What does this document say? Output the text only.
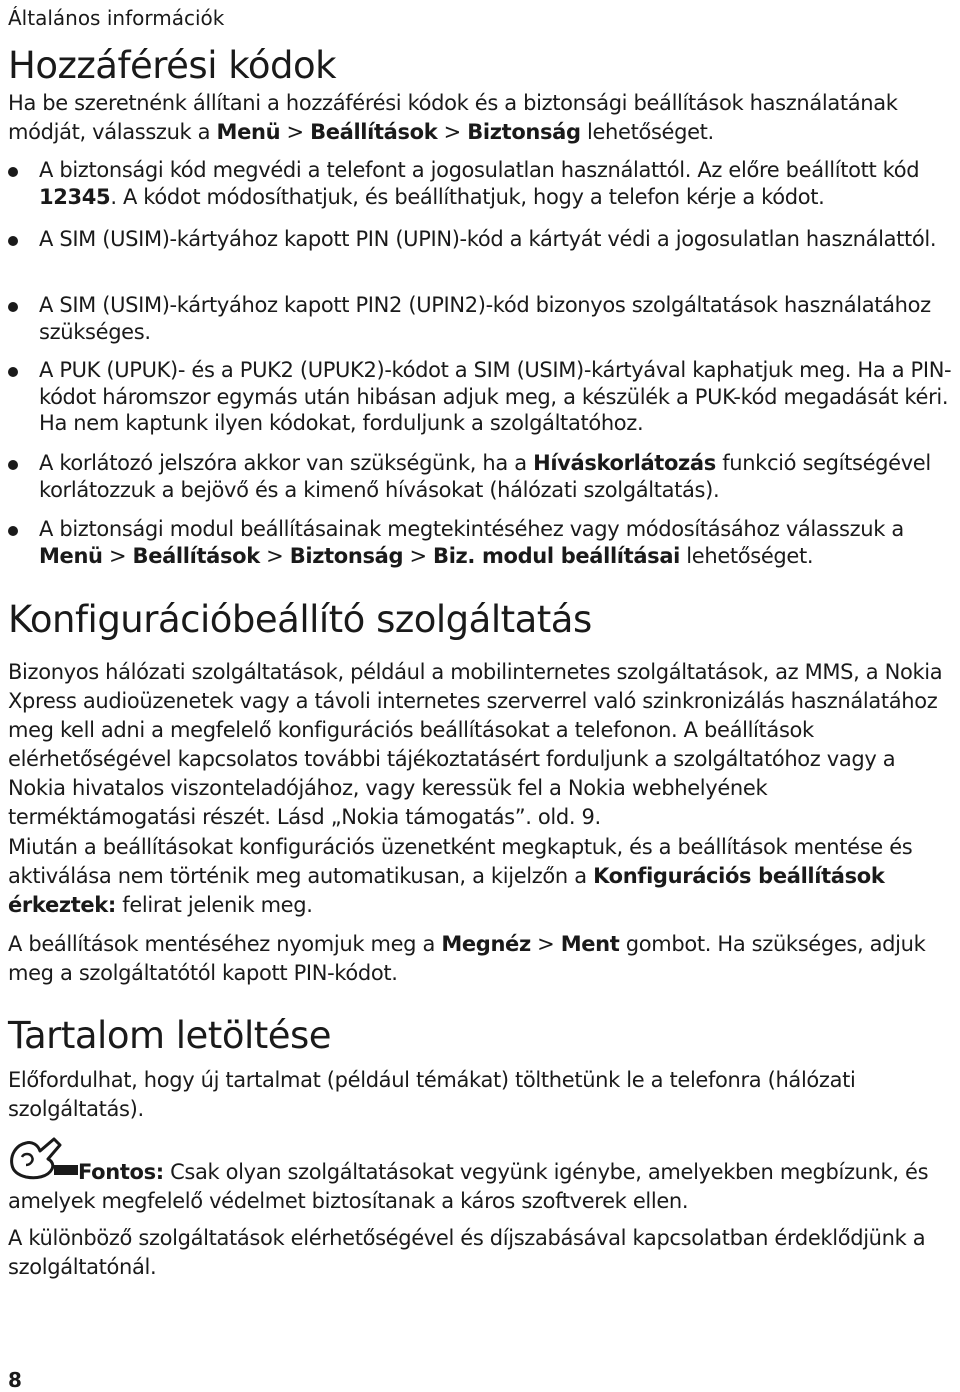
Általános információk
Hozzáférési kódok

Ha be szeretnénk állítani a hozzáférési kódok és a biztonsági beállítások használatának módját, válasszuk a Menü > Beállítások > Biztonság lehetőséget.

A biztonsági kód megvédi a telefont a jogosulatlan használattól. Az előre beállított kód 12345. A kódot módosíthatjuk, és beállíthatjuk, hogy a telefon kérje a kódot.
A SIM (USIM)-kártyához kapott PIN (UPIN)-kód a kártyát védi a jogosulatlan használattól.
A SIM (USIM)-kártyához kapott PIN2 (UPIN2)-kód bizonyos szolgáltatások használatához szükséges.
A PUK (UPUK)- és a PUK2 (UPUK2)-kódot a SIM (USIM)-kártyával kaphatjuk meg. Ha a PIN-kódot háromszor egymás után hibásan adjuk meg, a készülék a PUK-kód megadását kéri. Ha nem kaptunk ilyen kódokat, forduljunk a szolgáltatóhoz.
A korlátozó jelszóra akkor van szükségünk, ha a Híváskorlátozás funkció segítségével korlátozzuk a bejövő és a kimenő hívásokat (hálózati szolgáltatás).
A biztonsági modul beállításainak megtekintéséhez vagy módosításához válasszuk a Menü > Beállítások > Biztonság > Biz. modul beállításai lehetőséget.
Konfigurációbeállító szolgáltatás

Bizonyos hálózati szolgáltatások, például a mobilinternetes szolgáltatások, az MMS, a Nokia Xpress audioüzenetek vagy a távoli internetes szerverrel való szinkronizálás használatához meg kell adni a megfelelő konfigurációs beállításokat a telefonon. A beállítások elérhetőségével kapcsolatos további tájékoztatásért forduljunk a szolgáltatóhoz vagy a Nokia hivatalos viszonteladójához, vagy keressük fel a Nokia webhelyének terméktámogatási részét. Lásd „Nokia támogatás”. old. 9.

Miután a beállításokat konfigurációs üzenetként megkaptuk, és a beállítások mentése és aktiválása nem történik meg automatikusan, a kijelzőn a Konfigurációs beállítások érkeztek: felirat jelenik meg.

A beállítások mentéséhez nyomjuk meg a Megnéz > Ment gombot. Ha szükséges, adjuk meg a szolgáltatótól kapott PIN-kódot.

Tartalom letöltése

Előfordulhat, hogy új tartalmat (például témákat) tölthetünk le a telefonra (hálózati szolgáltatás).

Fontos: Csak olyan szolgáltatásokat vegyünk igénybe, amelyekben megbízunk, és amelyek megfelelő védelmet biztosítanak a káros szoftverek ellen.

A különböző szolgáltatások elérhetőségével és díjszabásával kapcsolatban érdeklődjünk a szolgáltatónál.

8
